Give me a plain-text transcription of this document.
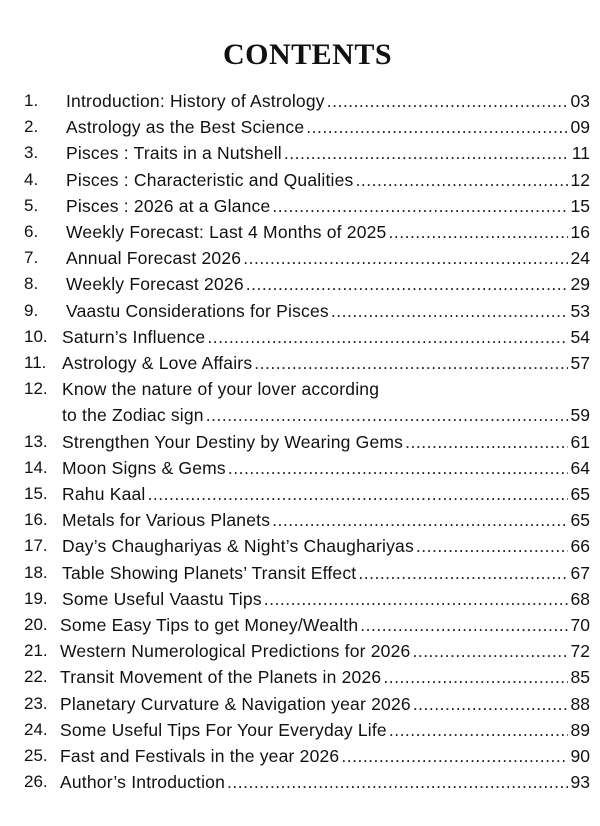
CONTENTS
1. Introduction: History of Astrology .....	03
2. Astrology as the Best Science .....	09
3. Pisces : Traits in a Nutshell .....	11
4. Pisces : Characteristic and Qualities .....	12
5. Pisces : 2026 at a Glance .....	15
6. Weekly Forecast: Last 4 Months of 2025 .....	16
7. Annual Forecast 2026 .....	24
8. Weekly Forecast 2026 .....	29
9. Vaastu Considerations for Pisces .....	53
10. Saturn’s Influence .....	54
11. Astrology & Love Affairs .....	57
12. Know the nature of your lover according
to the Zodiac sign .....	59
13. Strengthen Your Destiny by Wearing Gems .....	61
14. Moon Signs & Gems .....	64
15. Rahu Kaal .....	65
16. Metals for Various Planets .....	65
17. Day’s Chaughariyas & Night’s Chaughariyas .....	66
18. Table Showing Planets’ Transit Effect .....	67
19. Some Useful Vaastu Tips .....	68
20. Some Easy Tips to get Money/Wealth .....	70
21. Western Numerological Predictions for 2026 .....	72
22. Transit Movement of the Planets in 2026 .....	85
23. Planetary Curvature & Navigation year 2026 .....	88
24. Some Useful Tips For Your Everyday Life .....	89
25. Fast and Festivals in the year 2026 .....	90
26. Author’s Introduction .....	93
